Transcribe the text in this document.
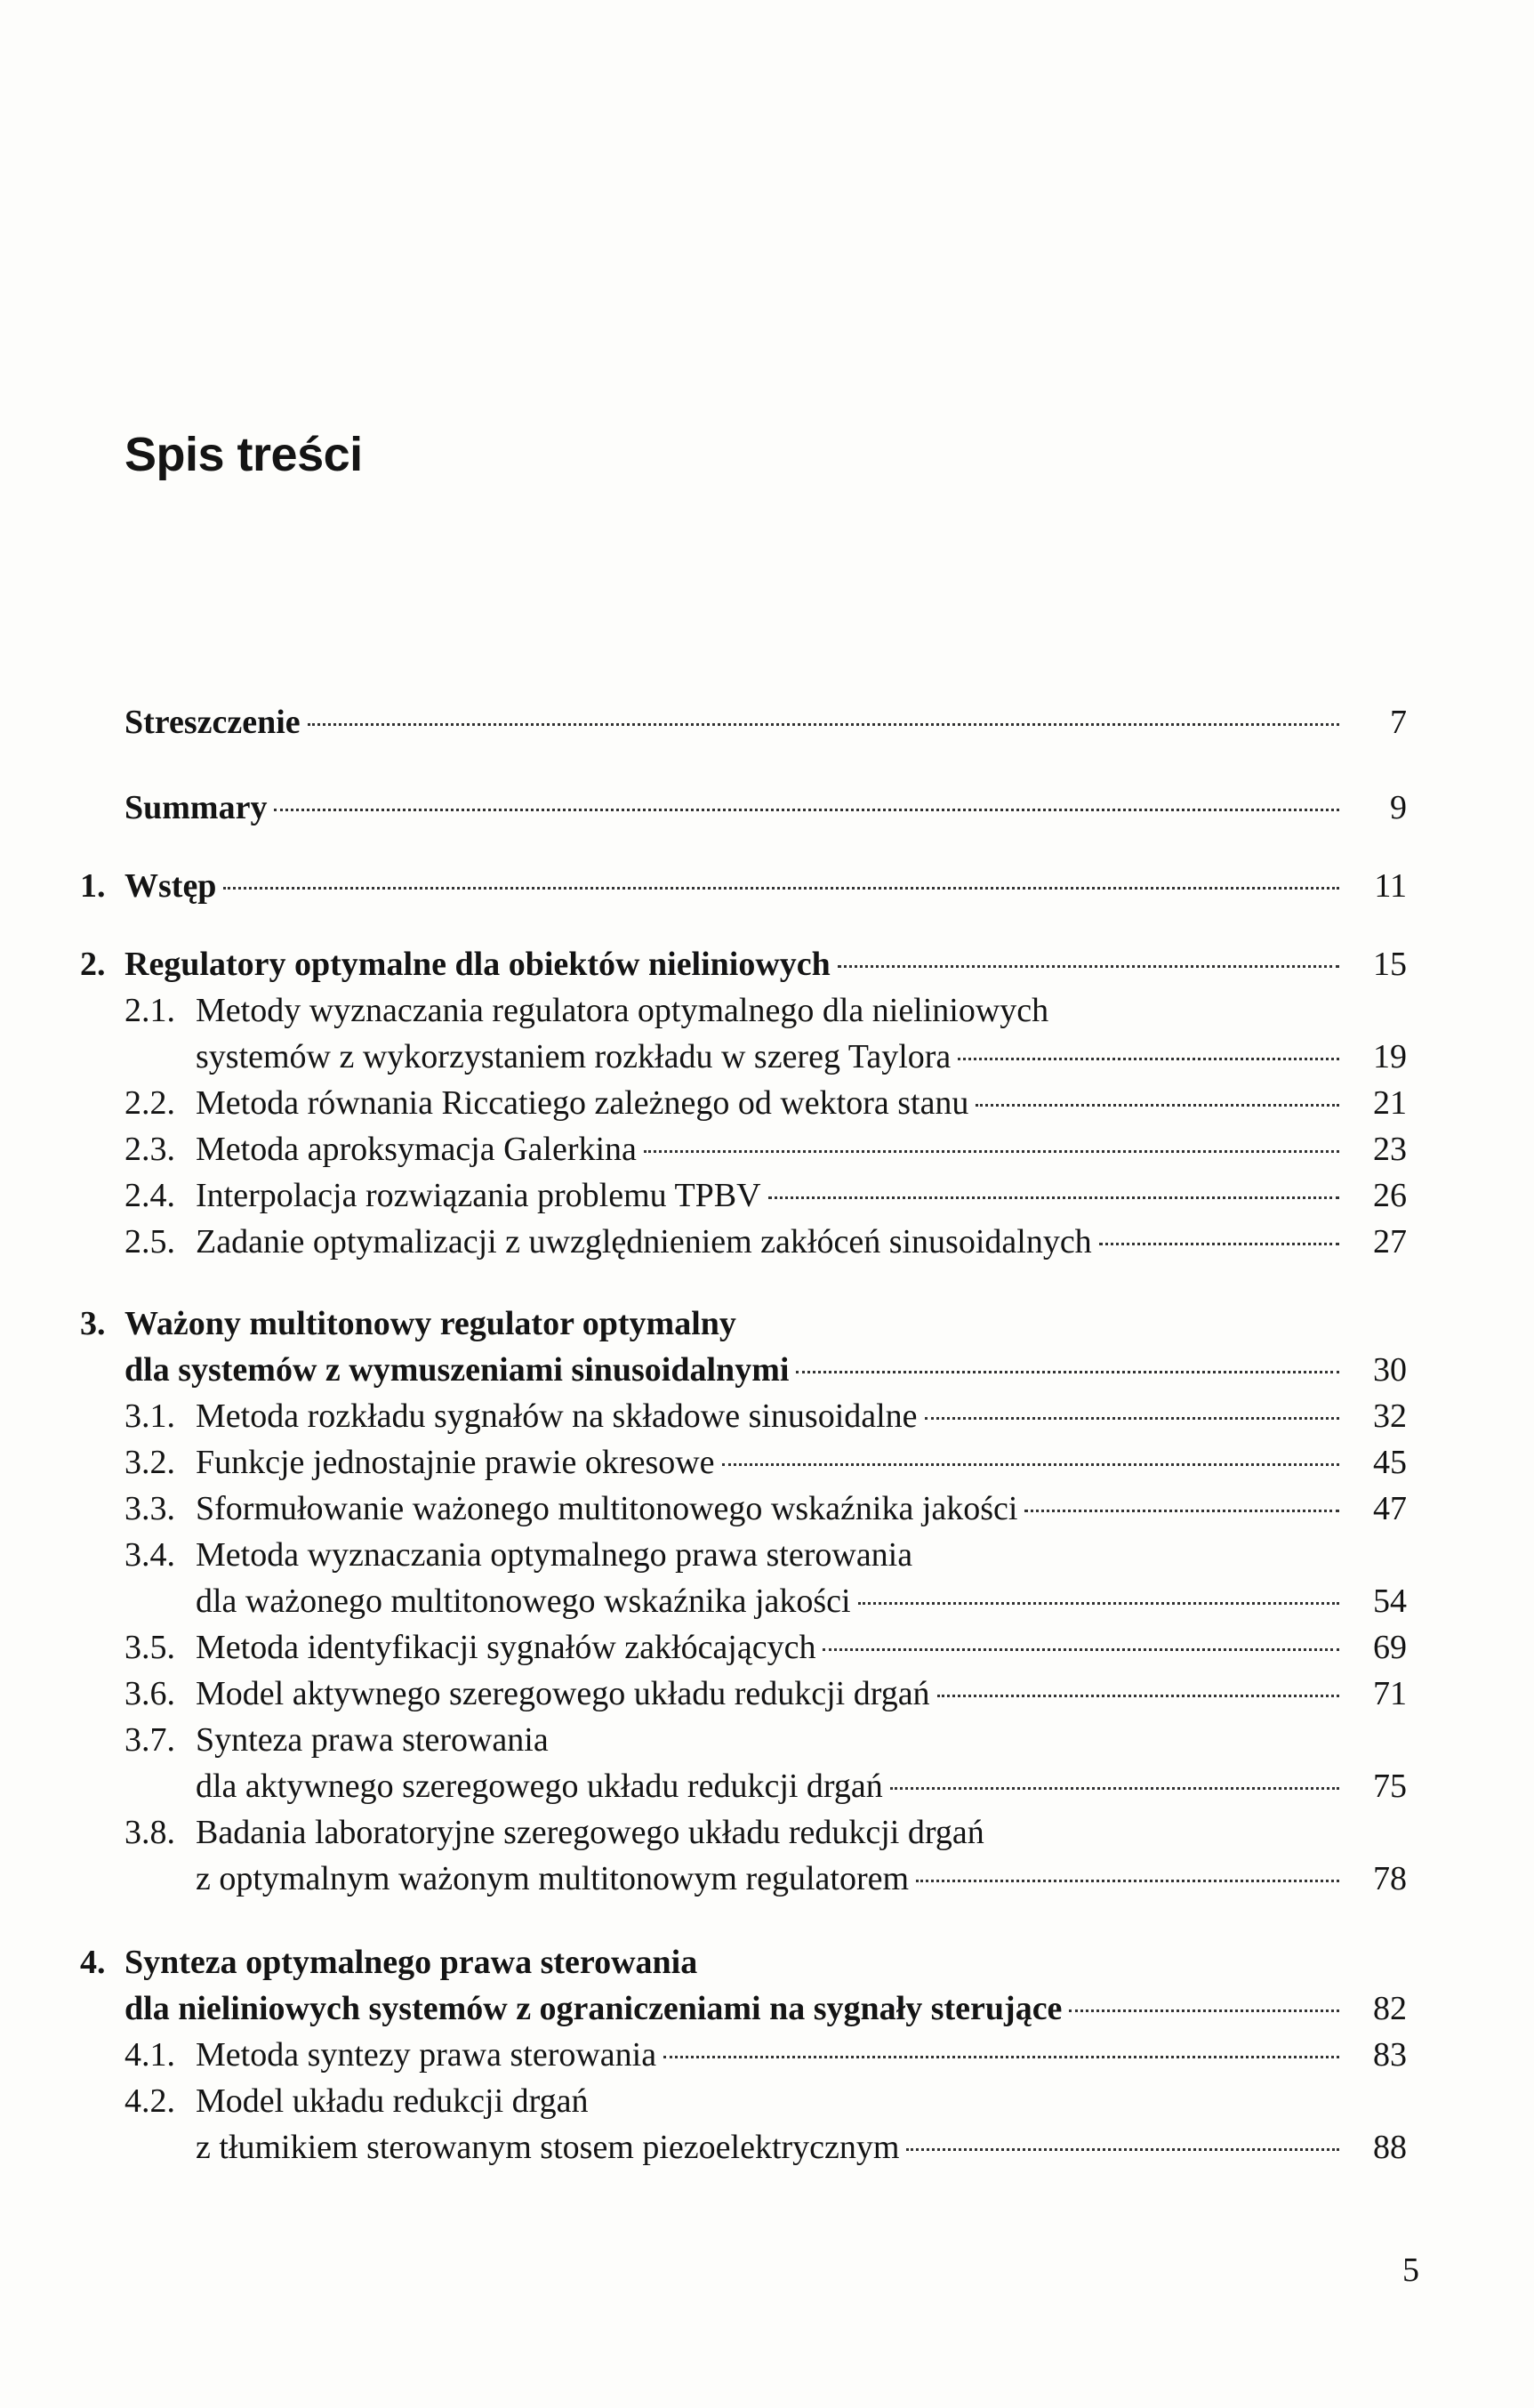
Spis treści
Streszczenie	7
Summary	9
1. Wstęp	11
2. Regulatory optymalne dla obiektów nieliniowych	15
2.1. Metody wyznaczania regulatora optymalnego dla nieliniowych
systemów z wykorzystaniem rozkładu w szereg Taylora	19
2.2. Metoda równania Riccatiego zależnego od wektora stanu	21
2.3. Metoda aproksymacja Galerkina	23
2.4. Interpolacja rozwiązania problemu TPBV	26
2.5. Zadanie optymalizacji z uwzględnieniem zakłóceń sinusoidalnych	27
3. Ważony multitonowy regulator optymalny
dla systemów z wymuszeniami sinusoidalnymi	30
3.1. Metoda rozkładu sygnałów na składowe sinusoidalne	32
3.2. Funkcje jednostajnie prawie okresowe	45
3.3. Sformułowanie ważonego multitonowego wskaźnika jakości	47
3.4. Metoda wyznaczania optymalnego prawa sterowania
dla ważonego multitonowego wskaźnika jakości	54
3.5. Metoda identyfikacji sygnałów zakłócających	69
3.6. Model aktywnego szeregowego układu redukcji drgań	71
3.7. Synteza prawa sterowania
dla aktywnego szeregowego układu redukcji drgań	75
3.8. Badania laboratoryjne szeregowego układu redukcji drgań
z optymalnym ważonym multitonowym regulatorem	78
4. Synteza optymalnego prawa sterowania
dla nieliniowych systemów z ograniczeniami na sygnały sterujące	82
4.1. Metoda syntezy prawa sterowania	83
4.2. Model układu redukcji drgań
z tłumikiem sterowanym stosem piezoelektrycznym	88
5
